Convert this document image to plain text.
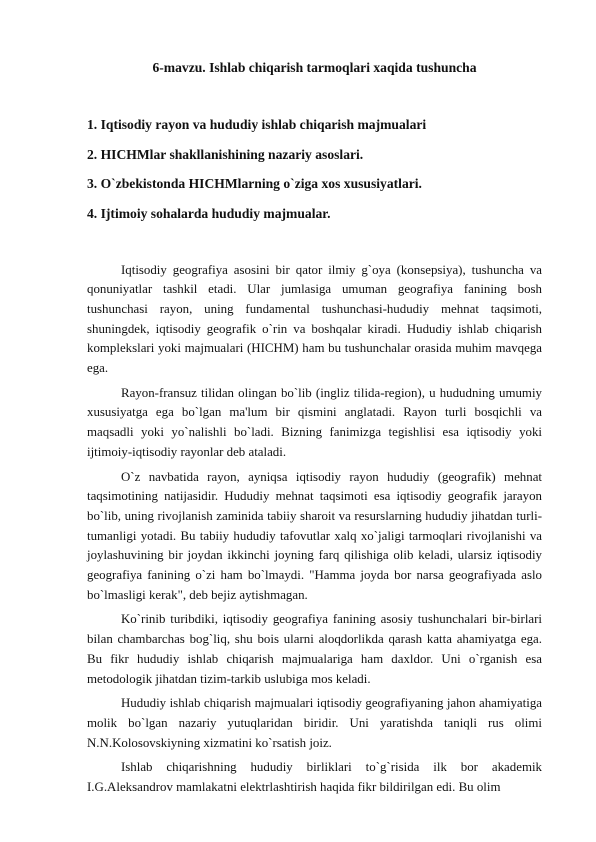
6-mavzu. Ishlab chiqarish tarmoqlari xaqida tushuncha
1. Iqtisodiy rayon va hududiy ishlab chiqarish majmualari
2. HICHMlar shakllanishining nazariy asoslari.
3. O`zbekistonda HICHMlarning o`ziga xos xususiyatlari.
4. Ijtimoiy sohalarda hududiy majmualar.

Iqtisodiy geografiya asosini bir qator ilmiy g`oya (konsepsiya), tushuncha va qonuniyatlar tashkil etadi. Ular jumlasiga umuman geografiya fanining bosh tushunchasi rayon, uning fundamental tushunchasi-hududiy mehnat taqsimoti, shuningdek, iqtisodiy geografik o`rin va boshqalar kiradi. Hududiy ishlab chiqarish komplekslari yoki majmualari (HICHM) ham bu tushunchalar orasida muhim mavqega ega.

Rayon-fransuz tilidan olingan bo`lib (ingliz tilida-region), u hududning umumiy xususiyatga ega bo`lgan ma'lum bir qismini anglatadi. Rayon turli bosqichli va maqsadli yoki yo`nalishli bo`ladi. Bizning fanimizga tegishlisi esa iqtisodiy yoki ijtimoiy-iqtisodiy rayonlar deb ataladi.

O`z navbatida rayon, ayniqsa iqtisodiy rayon hududiy (geografik) mehnat taqsimotining natijasidir. Hududiy mehnat taqsimoti esa iqtisodiy geografik jarayon bo`lib, uning rivojlanish zaminida tabiiy sharoit va resurslarning hududiy jihatdan turli-tumanligi yotadi. Bu tabiiy hududiy tafovutlar xalq xo`jaligi tarmoqlari rivojlanishi va joylashuvining bir joydan ikkinchi joyning farq qilishiga olib keladi, ularsiz iqtisodiy geografiya fanining o`zi ham bo`lmaydi. "Hamma joyda bor narsa geografiyada aslo bo`lmasligi kerak", deb bejiz aytishmagan.

Ko`rinib turibdiki, iqtisodiy geografiya fanining asosiy tushunchalari bir-birlari bilan chambarchas bog`liq, shu bois ularni aloqdorlikda qarash katta ahamiyatga ega. Bu fikr hududiy ishlab chiqarish majmualariga ham daxldor. Uni o`rganish esa metodologik jihatdan tizim-tarkib uslubiga mos keladi.

Hududiy ishlab chiqarish majmualari iqtisodiy geografiyaning jahon ahamiyatiga molik bo`lgan nazariy yutuqlaridan biridir. Uni yaratishda taniqli rus olimi N.N.Kolosovskiyning xizmatini ko`rsatish joiz.

Ishlab chiqarishning hududiy birliklari to`g`risida ilk bor akademik I.G.Aleksandrov mamlakatni elektrlashtirish haqida fikr bildirilgan edi. Bu olim
